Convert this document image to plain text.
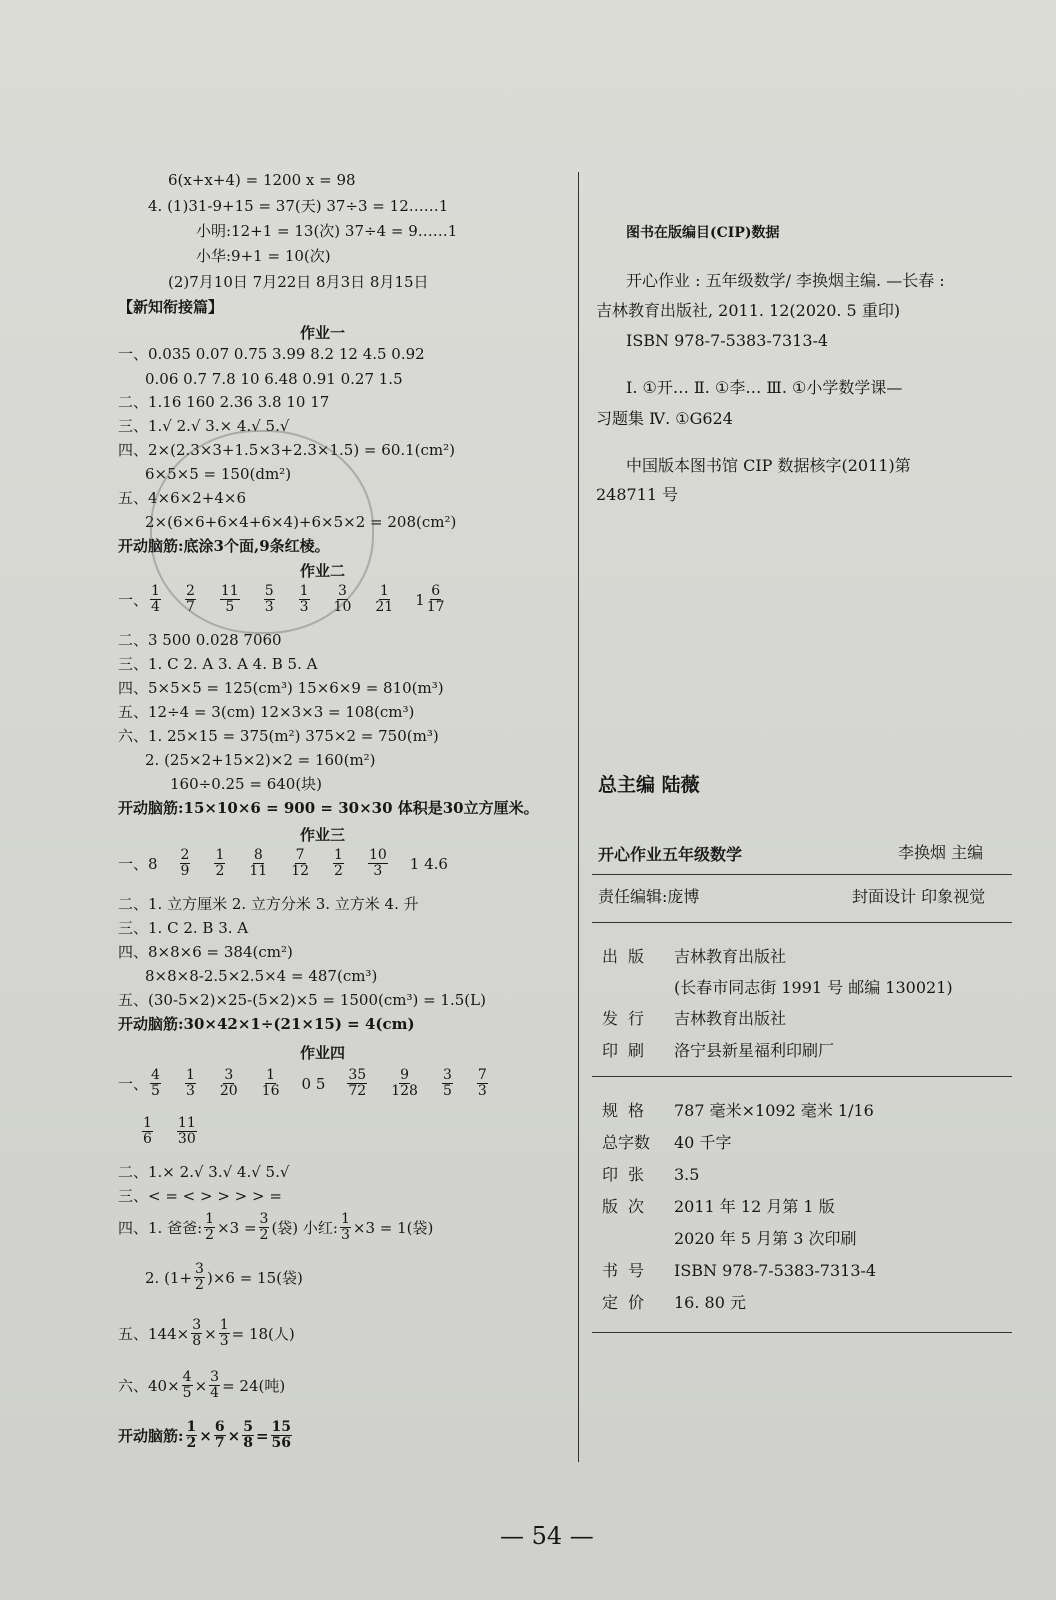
6(x+x+4) = 1200 x = 98
4. (1)31-9+15 = 37(天) 37÷3 = 12……1
小明:12+1 = 13(次) 37÷4 = 9……1
小华:9+1 = 10(次)
(2)7月10日 7月22日 8月3日 8月15日
【新知衔接篇】
作业一
一、0.035 0.07 0.75 3.99 8.2 12 4.5 0.92
0.06 0.7 7.8 10 6.48 0.91 0.27 1.5
二、1.16 160 2.36 3.8 10 17
三、1.√ 2.√ 3.× 4.√ 5.√
四、2×(2.3×3+1.5×3+2.3×1.5) = 60.1(cm²)
6×5×5 = 150(dm²)
五、4×6×2+4×6
2×(6×6+6×4+6×4)+6×5×2 = 208(cm²)
开动脑筋:底涂3个面,9条红棱。
作业二
一、 1
4
2
7
11
5
5
3
1
3
3
10
1
21 1 6
17
二、3 500 0.028 7060
三、1. C 2. A 3. A 4. B 5. A
四、5×5×5 = 125(cm³) 15×6×9 = 810(m³)
五、12÷4 = 3(cm) 12×3×3 = 108(cm³)
六、1. 25×15 = 375(m²) 375×2 = 750(m³)
2. (25×2+15×2)×2 = 160(m²)
160÷0.25 = 640(块)
开动脑筋:15×10×6 = 900 = 30×30 体积是30立方厘米。
作业三
一、8 2
9
1
2
8
11
7
12
1
2
10
3 1 4.6
二、1. 立方厘米 2. 立方分米 3. 立方米 4. 升
三、1. C 2. B 3. A
四、8×8×6 = 384(cm²)
8×8×8-2.5×2.5×4 = 487(cm³)
五、(30-5×2)×25-(5×2)×5 = 1500(cm³) = 1.5(L)
开动脑筋:30×42×1÷(21×15) = 4(cm)
作业四
一、 4
5
1
3
3
20
1
16 0 5 35
72
9
128
3
5
7
3
1
6
11
30
二、1.× 2.√ 3.√ 4.√ 5.√
三、< = < > > > > =
四、1. 爸爸: $\frac{1}{2} \times 3 = \frac{3}{2}$ (袋) 小红: $\frac{1}{3} \times 3 = 1$(袋)
2. $(1+ \frac{3}{2} )\times 6 = 15$(袋)
五、$144\times \frac{3}{8} \times \frac{1}{3} = 18$(人)
六、$40\times \frac{4}{5} \times \frac{3}{4} = 24$(吨)
开动脑筋: 1
2 × 6
7 × 5
8 = 15
56
图书在版编目(CIP)数据
开心作业 : 五年级数学/ 李换烟主编. —长春 :
吉林教育出版社, 2011. 12(2020. 5 重印)
ISBN 978-7-5383-7313-4
Ⅰ. ①开… Ⅱ. ①李… Ⅲ. ①小学数学课—
习题集 Ⅳ. ①G624
中国版本图书馆 CIP 数据核字(2011)第
248711 号
总主编 陆薇
开心作业五年级数学	李换烟 主编
责任编辑:庞博	封面设计 印象视觉
出版 吉林教育出版社
(长春市同志街 1991 号 邮编 130021)
发行 吉林教育出版社
印刷 洛宁县新星福利印刷厂
规格 787 毫米×1092 毫米 1/16
总字数 40 千字
印张 3.5
版次 2011 年 12 月第 1 版
2020 年 5 月第 3 次印刷
书号 ISBN 978-7-5383-7313-4
定价 16. 80 元
— 54 —
